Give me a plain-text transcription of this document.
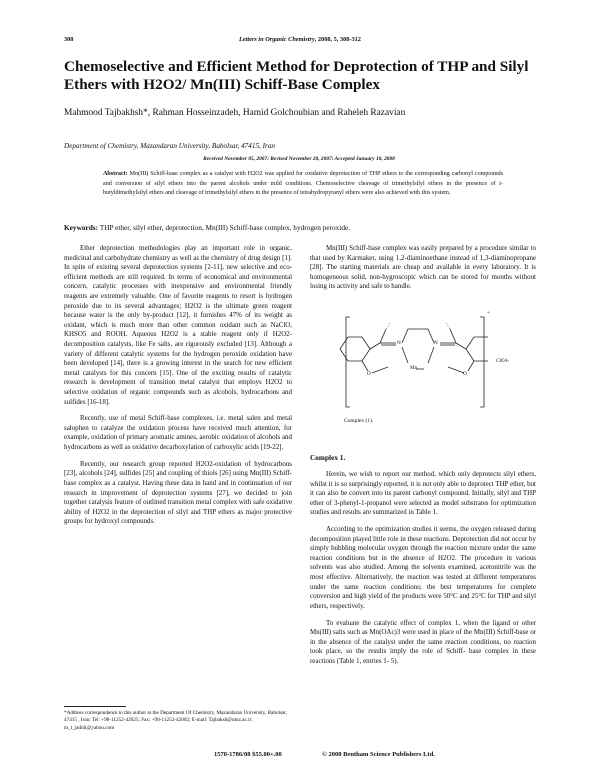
308	Letters in Organic Chemistry, 2008, 5, 308-312
Chemoselective and Efficient Method for Deprotection of THP and Silyl Ethers with H2O2/ Mn(III) Schiff-Base Complex

Mahmood Tajbakhsh*, Rahman Hosseinzadeh, Hamid Golchoubian and Raheleh Razavian

Department of Chemistry, Mazandaran University, Babolsar, 47415, Iran

Received November 05, 2007: Revised November 20, 2007: Accepted January 10, 2008

Abstract: Mn(III) Schiff-base complex as a catalyst with H2O2 was applied for oxidative deprotection of THP ethers to the corresponding carbonyl compounds and conversion of silyl ethers into the parent alcohols under mild conditions. Chemoselective cleavage of trimethylsilyl ethers in the presence of t-butyldimethylsilyl ethers and cleavage of trimethylsilyl ethers in the presence of tetrahydropyranyl ethers were also achieved with this system.

Keywords: THP ether, silyl ether, deprotection, Mn(III) Schiff-base complex, hydrogen peroxide.

Ether deprotection methodologies play an important role in organic, medicinal and carbohydrate chemistry as well as the chemistry of drug design [1]. In spite of existing several deprotection systems [2-11], new selective and eco-efficient methods are still required. In terms of economical and environmental concern, catalytic processes with inexpensive and environmental friendly reagents are extremely valuable. One of favorite reagents to resort is hydrogen peroxide due to its several advantages; H2O2 is the ultimate green reagent because water is the only by-product [12], it furnishes 47% of its weight as oxidant, which is much more than other common oxidant such as NaClO, KHSO5 and ROOH. Aqueous H2O2 is a stable reagent only if H2O2- decomposition catalysts, like Fe salts, are rigorously excluded [13]. Although a variety of different catalytic systems for the hydrogen peroxide oxidation have been developed [14], there is a growing interest in the search for new efficient metal catalysts for this concern [15]. One of the exciting results of catalytic research is development of transition metal catalyst that employs H2O2 to selective oxidation of organic compounds such as alcohols, hydrocarbons and sulfides [16-18].

Recently, use of metal Schiff-base complexes, i.e. metal salen and metal salophen to catalyze the oxidation process have received much attention, for example, oxidation of primary aromatic amines, aerobic oxidation of alcohols and hydrocarbons as well as oxidative decarboxylation of carboxylic acids [19-22].

Recently, our research group reported H2O2-oxidation of hydrocarbons [23], alcohols [24], sulfides [25] and coupling of thiols [26] using Mn(III) Schiff-base complex as a catalyst. Having these data in hand and in continuation of our research in improvement of deprotection systems [27], we decided to join together catalysis feature of outlined transition metal complex with safe oxidative ability of H2O2 in the deprotection of silyl and THP ethers as major protective groups for hydroxyl compounds.

Mn(III) Schiff-base complex was easily prepared by a procedure similar to that used by Karmaker, using 1,2-diaminoethane instead of 1,3-diaminopropane [28]. The starting materials are cheap and available in every laboratory. It is homogeneous solid, non-hygroscopic which can be stored for months without losing its activity and safe to handle.

N	N
O	O
Mn
+
ClO4-
Complex (1).

Complex 1.

Herein, we wish to report our method, which only deprotects silyl ethers, whilst it is so surprisingly reported, it is not only able to deprotect THP ether, but it can also be convert into its parent carbonyl compound. Initially, silyl and THP ether of 3-phenyl-1-propanol were selected as model substrates for optimization studies and results are summarized in Table 1.

According to the optimization studies it seems, the oxygen released during decomposition played little role in these reactions. Deprotection did not occur by simply bubbling molecular oxygen through the reaction mixture under the same reaction conditions but in the absence of H2O2. The procedure in various solvents was also studied. Among the solvents examined, acetonitrile was the most effective. Alternatively, the reaction was tested at different temperatures under the same reaction conditions; the best temperatures for complete conversion and high yield of the products were 50°C and 25°C for THP and silyl ethers, respectively.

To evaluate the catalytic effect of complex 1, when the ligand or other Mn(III) salts such as Mn(OAc)3 were used in place of the Mn(III) Schiff-base or in the absence of the catalyst under the same reaction conditions, no reaction took place, so the results imply the role of Schiff- base complex in these reactions (Table 1, entries 1- 5).

*Address correspondence to this author at the Department Of Chemistry, Mazandaran University, Babolsar, 47415 , Iran; Tel: +98-11252-42025; Fax: +98-11252-42002; E-mail: Tajbaksh@umz.ac.ir; m_t_jadidi@yahoo.com

1570-1786/08 $55.00+.00	© 2008 Bentham Science Publishers Ltd.
